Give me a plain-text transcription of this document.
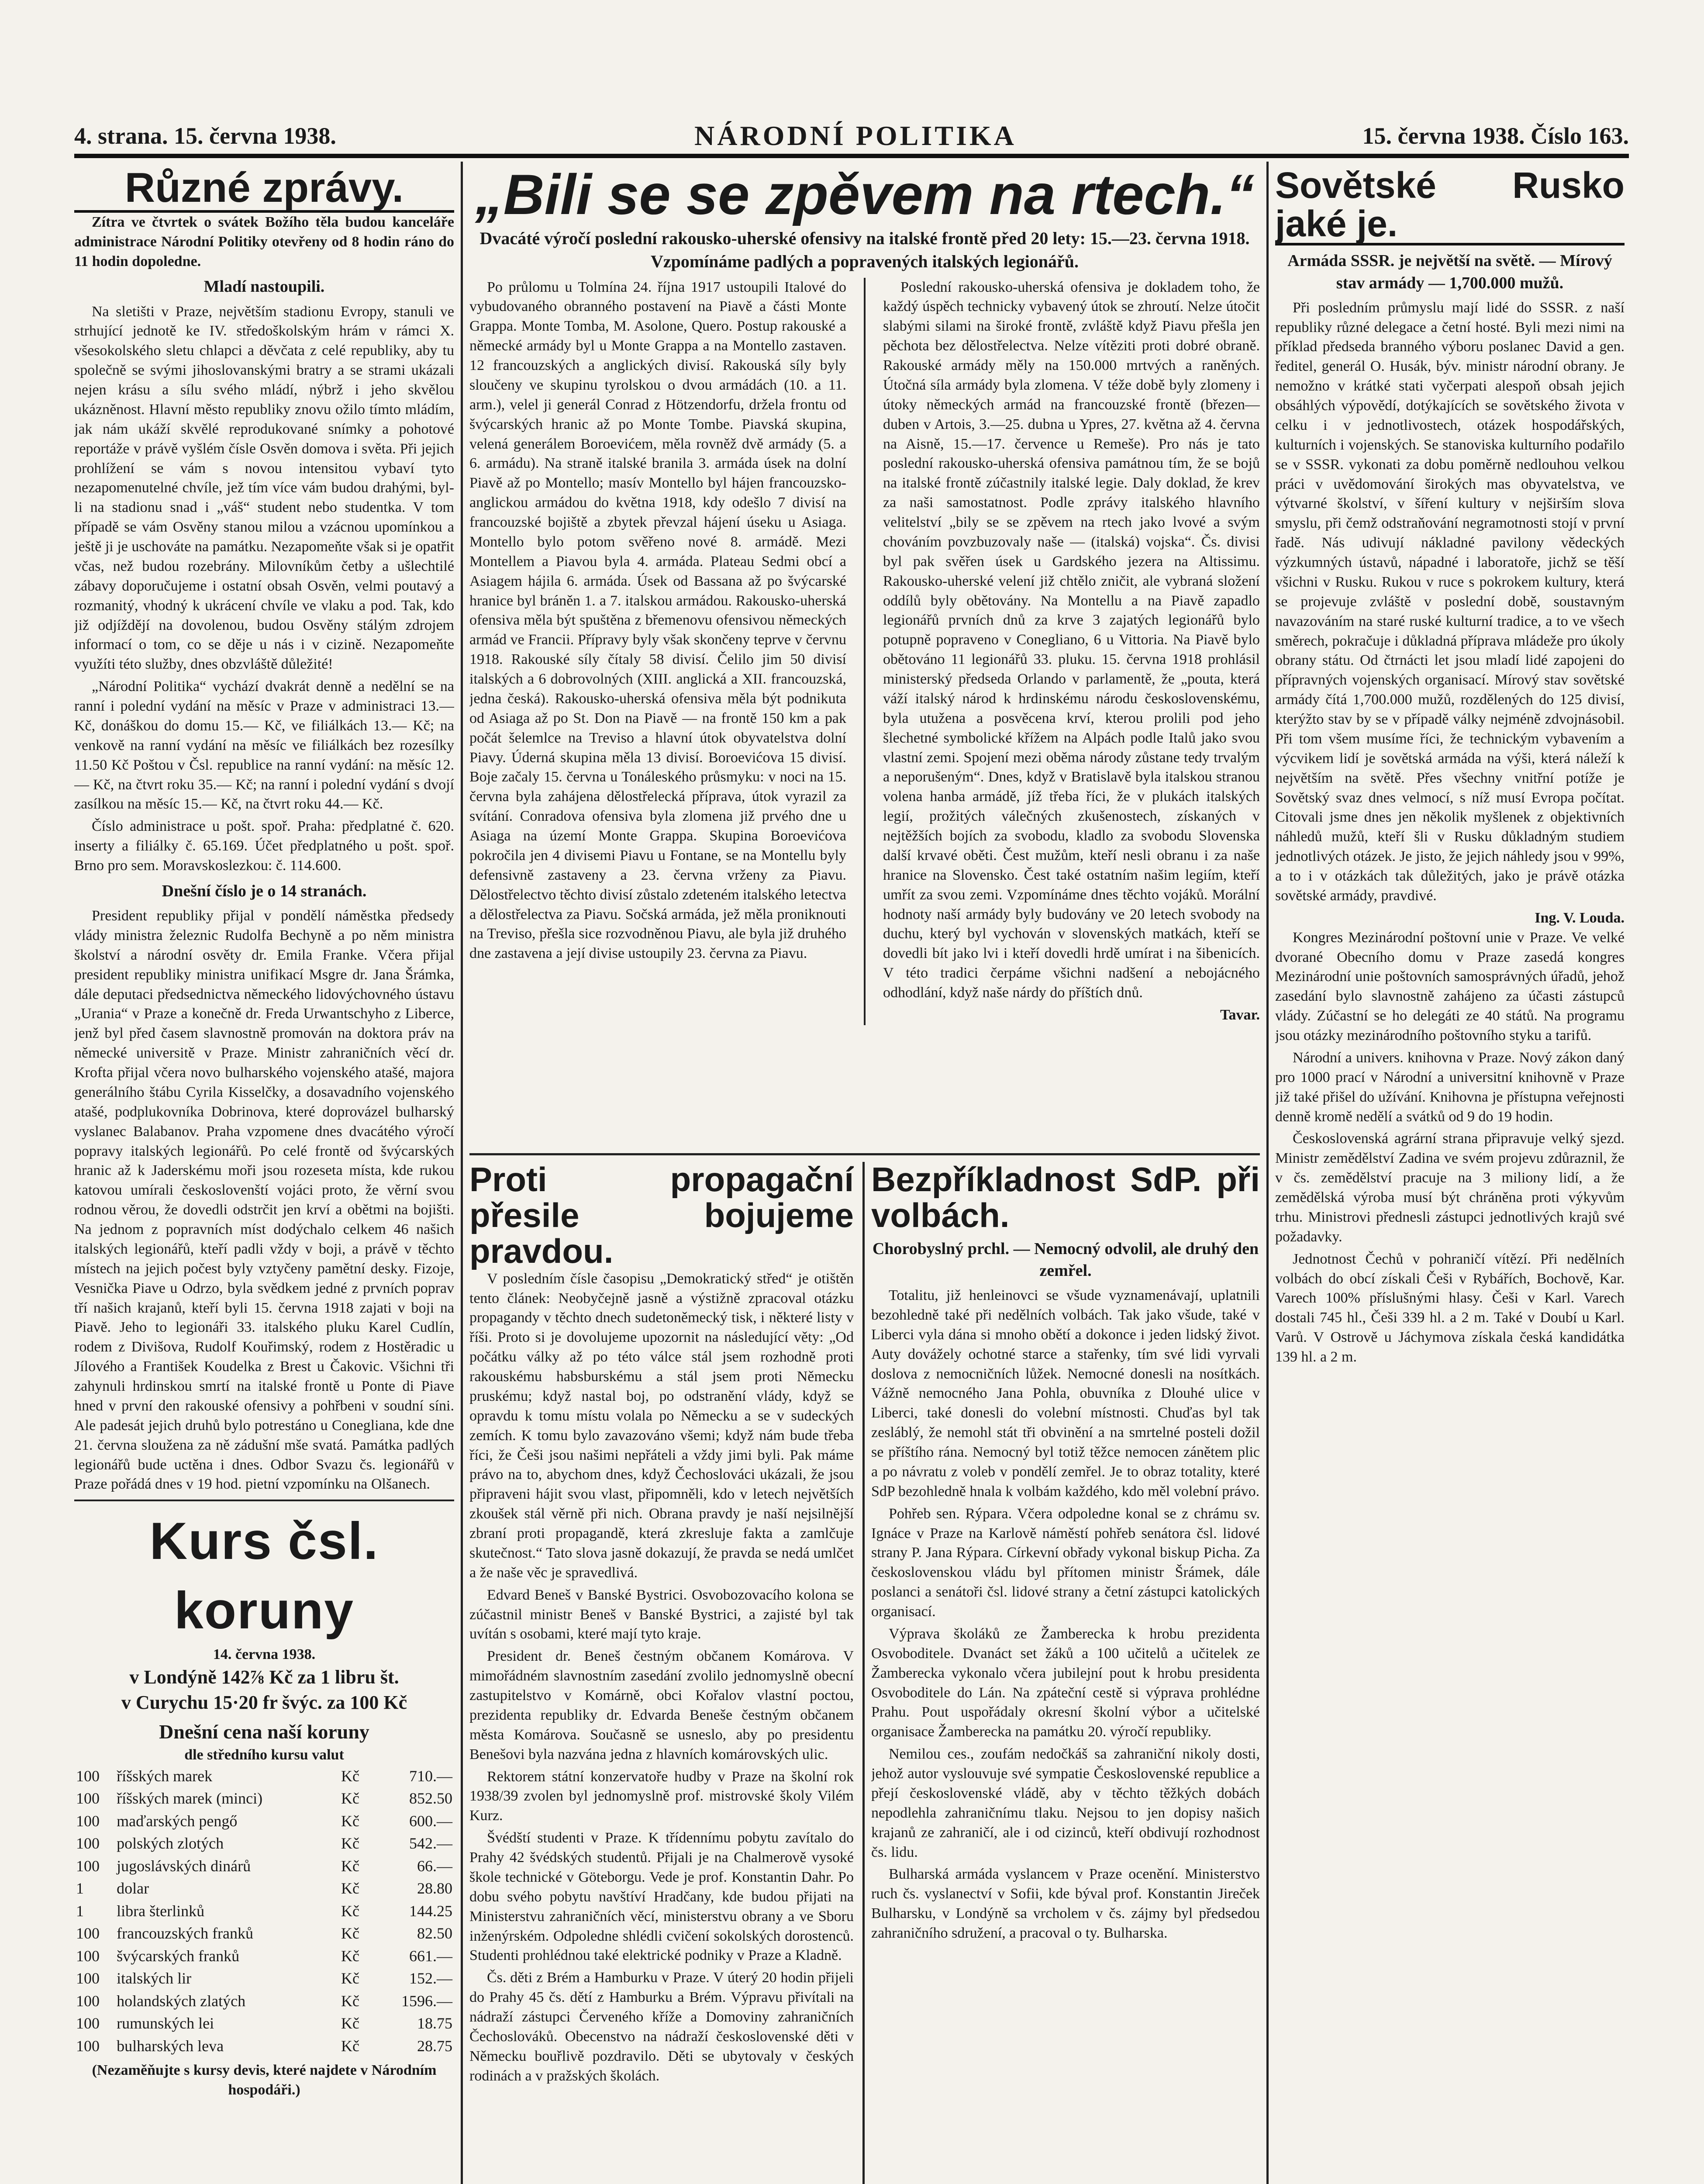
4. strana. 15. června 1938.	NÁRODNÍ POLITIKA	15. června 1938. Číslo 163.
Různé zprávy.

Zítra ve čtvrtek o svátek Božího těla budou kanceláře administrace Národní Politiky otevřeny od 8 hodin ráno do 11 hodin dopoledne.

Mladí nastoupili.

Na sletišti v Praze, největším stadionu Evropy, stanuli ve strhující jednotě ke IV. středoškolským hrám v rámci X. všesokolského sletu chlapci a děvčata z celé republiky, aby tu společně se svými jihoslovanskými bratry a se strami ukázali nejen krásu a sílu svého mládí, nýbrž i jeho skvělou ukázněnost. Hlavní město republiky znovu ožilo tímto mládím, jak nám ukáží skvělé reprodukované snímky a pohotové reportáže v právě vyšlém čísle Osvěn domova i světa. Při jejich prohlížení se vám s novou intensitou vybaví tyto nezapomenutelné chvíle, jež tím více vám budou drahými, byl-li na stadionu snad i „váš“ student nebo studentka. V tom případě se vám Osvěny stanou milou a vzácnou upomínkou a ještě ji je uschováte na památku. Nezapomeňte však si je opatřit včas, než budou rozebrány. Milovníkům četby a ušlechtilé zábavy doporučujeme i ostatní obsah Osvěn, velmi poutavý a rozmanitý, vhodný k ukrácení chvíle ve vlaku a pod. Tak, kdo již odjíždějí na dovolenou, budou Osvěny stálým zdrojem informací o tom, co se děje u nás i v cizině. Nezapomeňte využíti této služby, dnes obzvláště důležité!

„Národní Politika“ vychází dvakrát denně a nedělní se na ranní i polední vydání na měsíc v Praze v administraci 13.— Kč, donáškou do domu 15.— Kč, ve filiálkách 13.— Kč; na venkově na ranní vydání na měsíc ve filiálkách bez rozesílky 11.50 Kč Poštou v Čsl. republice na ranní vydání: na měsíc 12.— Kč, na čtvrt roku 35.— Kč; na ranní i polední vydání s dvojí zasílkou na měsíc 15.— Kč, na čtvrt roku 44.— Kč.

Číslo administrace u pošt. spoř. Praha: předplatné č. 620. inserty a filiálky č. 65.169. Účet předplatného u pošt. spoř. Brno pro sem. Moravskoslezkou: č. 114.600.

Dnešní číslo je o 14 stranách.

President republiky přijal v pondělí náměstka předsedy vlády ministra železnic Rudolfa Bechyně a po něm ministra školství a národní osvěty dr. Emila Franke. Včera přijal president republiky ministra unifikací Msgre dr. Jana Šrámka, dále deputaci předsednictva německého lidovýchovného ústavu „Urania“ v Praze a konečně dr. Freda Urwantschyho z Liberce, jenž byl před časem slavnostně promován na doktora práv na německé universitě v Praze. Ministr zahraničních věcí dr. Krofta přijal včera novo bulharského vojenského atašé, majora generálního štábu Cyrila Kisselčky, a dosavadního vojenského atašé, podplukovníka Dobrinova, které doprovázel bulharský vyslanec Balabanov. Praha vzpomene dnes dvacátého výročí popravy italských legionářů. Po celé frontě od švýcarských hranic až k Jaderskému moři jsou rozeseta místa, kde rukou katovou umírali českoslovenští vojáci proto, že věrní svou rodnou věrou, že dovedli odstrčit jen krví a obětmi na bojišti. Na jednom z popravních míst dodýchalo celkem 46 našich italských legionářů, kteří padli vždy v boji, a právě v těchto místech na jejich počest byly vztyčeny pamětní desky. Fizoje, Vesnička Piave u Odrzo, byla svědkem jedné z prvních poprav tří našich krajanů, kteří byli 15. června 1918 zajati v boji na Piavě. Jeho to legionáři 33. italského pluku Karel Cudlín, rodem z Divišova, Rudolf Kouřimský, rodem z Hostěradic u Jílového a František Koudelka z Brest u Čakovic. Všichni tři zahynuli hrdinskou smrtí na italské frontě u Ponte di Piave hned v první den rakouské ofensivy a pohřbeni v soudní síni. Ale padesát jejich druhů bylo potrestáno u Conegliana, kde dne 21. června sloužena za ně zádušní mše svatá. Památka padlých legionářů bude uctěna i dnes. Odbor Svazu čs. legionářů v Praze pořádá dnes v 19 hod. pietní vzpomínku na Olšanech.

Kurs čsl. koruny
14. června 1938.
v Londýně 142⅞ Kč za 1 libru št.
v Curychu 15·20 fr švýc. za 100 Kč
Dnešní cena naší koruny
dle středního kursu valut
100	říšských marek	Kč	710.—
100	říšských marek (minci)	Kč	852.50
100	maďarských pengő	Kč	600.—
100	polských zlotých	Kč	542.—
100	jugoslávských dinárů	Kč	66.—
1	dolar	Kč	28.80
1	libra šterlinků	Kč	144.25
100	francouzských franků	Kč	82.50
100	švýcarských franků	Kč	661.—
100	italských lir	Kč	152.—
100	holandských zlatých	Kč	1596.—
100	rumunských lei	Kč	18.75
100	bulharských leva	Kč	28.75
(Nezaměňujte s kursy devis, které najdete v Národním hospodáři.)
„Bili se se zpěvem na rtech.“
Dvacáté výročí poslední rakousko-uherské ofensivy na italské frontě před 20 lety: 15.—23. června 1918. Vzpomínáme padlých a popravených italských legionářů.

Po průlomu u Tolmína 24. října 1917 ustoupili Italové do vybudovaného obranného postavení na Piavě a části Monte Grappa. Monte Tomba, M. Asolone, Quero. Postup rakouské a německé armády byl u Monte Grappa a na Montello zastaven. 12 francouzských a anglických divisí. Rakouská síly byly sloučeny ve skupinu tyrolskou o dvou armádách (10. a 11. arm.), velel ji generál Conrad z Hötzendorfu, držela frontu od švýcarských hranic až po Monte Tombe. Piavská skupina, velená generálem Boroevićem, měla rovněž dvě armády (5. a 6. armádu). Na straně italské branila 3. armáda úsek na dolní Piavě až po Montello; masív Montello byl hájen francouzsko-anglickou armádou do května 1918, kdy odešlo 7 divisí na francouzské bojiště a zbytek převzal hájení úseku u Asiaga. Montello bylo potom svěřeno nové 8. armádě. Mezi Montellem a Piavou byla 4. armáda. Plateau Sedmi obcí a Asiagem hájila 6. armáda. Úsek od Bassana až po švýcarské hranice byl bráněn 1. a 7. italskou armádou. Rakousko-uherská ofensiva měla být spuštěna z břemenovu ofensivou německých armád ve Francii. Přípravy byly však skončeny teprve v červnu 1918. Rakouské síly čítaly 58 divisí. Čelilo jim 50 divisí italských a 6 dobrovolných (XIII. anglická a XII. francouzská, jedna česká). Rakousko-uherská ofensiva měla být podnikuta od Asiaga až po St. Don na Piavě — na frontě 150 km a pak počát šelemlce na Treviso a hlavní útok obyvatelstva dolní Piavy. Úderná skupina měla 13 divisí. Boroevićova 15 divisí. Boje začaly 15. června u Tonáleského průsmyku: v noci na 15. června byla zahájena dělostřelecká příprava, útok vyrazil za svítání. Conradova ofensiva byla zlomena již prvého dne u Asiaga na území Monte Grappa. Skupina Boroevićova pokročila jen 4 divisemi Piavu u Fontane, se na Montellu byly defensivně zastaveny a 23. června vrženy za Piavu. Dělostřelectvo těchto divisí zůstalo zdeteném italského letectva a dělostřelectva za Piavu. Sočská armáda, jež měla proniknouti na Treviso, přešla sice rozvodněnou Piavu, ale byla již druhého dne zastavena a její divise ustoupily 23. června za Piavu.

Poslední rakousko-uherská ofensiva je dokladem toho, že každý úspěch technicky vybavený útok se zhroutí. Nelze útočit slabými silami na široké frontě, zvláště když Piavu přešla jen pěchota bez dělostřelectva. Nelze vítěziti proti dobré obraně. Rakouské armády měly na 150.000 mrtvých a raněných. Útočná síla armády byla zlomena. V téže době byly zlomeny i útoky německých armád na francouzské frontě (březen—duben v Artois, 3.—25. dubna u Ypres, 27. května až 4. června na Aisně, 15.—17. července u Remeše). Pro nás je tato poslední rakousko-uherská ofensiva památnou tím, že se bojů na italské frontě zúčastnily italské legie. Daly doklad, že krev za naši samostatnost. Podle zprávy italského hlavního velitelství „bily se se zpěvem na rtech jako lvové a svým chováním povzbuzovaly naše — (italská) vojska“. Čs. divisi byl pak svěřen úsek u Gardského jezera na Altissimu. Rakousko-uherské velení již chtělo zničit, ale vybraná složení oddílů byly obětovány. Na Montellu a na Piavě zapadlo legionářů prvních dnů za krve 3 zajatých legionářů bylo potupně popraveno v Conegliano, 6 u Vittoria. Na Piavě bylo obětováno 11 legionářů 33. pluku. 15. června 1918 prohlásil ministerský předseda Orlando v parlamentě, že „pouta, která váží italský národ k hrdinskému národu československému, byla utužena a posvěcena krví, kterou prolili pod jeho šlechetné symbolické křížem na Alpách podle Italů jako svou vlastní zemi. Spojení mezi oběma národy zůstane tedy trvalým a neporušeným“. Dnes, když v Bratislavě byla italskou stranou volena hanba armádě, jíž třeba říci, že v plukách italských legií, prožitých válečných zkušenostech, získaných v nejtěžších bojích za svobodu, kladlo za svobodu Slovenska další krvavé oběti. Čest mužům, kteří nesli obranu i za naše hranice na Slovensko. Čest také ostatním našim legiím, kteří umřít za svou zemi. Vzpomínáme dnes těchto vojáků. Morální hodnoty naší armády byly budovány ve 20 letech svobody na duchu, který byl vychován v slovenských matkách, kteří se dovedli bít jako lvi i kteří dovedli hrdě umírat i na šibenicích. V této tradici čerpáme všichni nadšení a nebojácného odhodlání, když naše nárdy do příštích dnů.

Tavar.
Proti propagační přesile bojujeme pravdou.

V posledním čísle časopisu „Demokratický střed“ je otištěn tento článek: Neobyčejně jasně a výstižně zpracoval otázku propagandy v těchto dnech sudetoněmecký tisk, i některé listy v říši. Proto si je dovolujeme upozornit na následující věty: „Od počátku války až po této válce stál jsem rozhodně proti rakouskému habsburskému a stál jsem proti Německu pruskému; když nastal boj, po odstranění vlády, když se opravdu k tomu místu volala po Německu a se v sudeckých zemích. K tomu bylo zavazováno všemi; když nám bude třeba říci, že Češi jsou našimi nepřáteli a vždy jimi byli. Pak máme právo na to, abychom dnes, když Čechoslováci ukázali, že jsou připraveni hájit svou vlast, připomněli, kdo v letech největších zkoušek stál věrně při nich. Obrana pravdy je naší nejsilnější zbraní proti propagandě, která zkresluje fakta a zamlčuje skutečnost.“ Tato slova jasně dokazují, že pravda se nedá umlčet a že naše věc je spravedlivá.

Edvard Beneš v Banské Bystrici. Osvobozovacího kolona se zúčastnil ministr Beneš v Banské Bystrici, a zajisté byl tak uvítán s osobami, které mají tyto kraje.

President dr. Beneš čestným občanem Komárova. V mimořádném slavnostním zasedání zvolilo jednomyslně obecní zastupitelstvo v Komárně, obci Kořalov vlastní poctou, prezidenta republiky dr. Edvarda Beneše čestným občanem města Komárova. Současně se usneslo, aby po presidentu Benešovi byla nazvána jedna z hlavních komárovských ulic.

Rektorem státní konzervatoře hudby v Praze na školní rok 1938/39 zvolen byl jednomyslně prof. mistrovské školy Vilém Kurz.

Švédští studenti v Praze. K třídennímu pobytu zavítalo do Prahy 42 švédských studentů. Přijali je na Chalmerově vysoké škole technické v Göteborgu. Vede je prof. Konstantin Dahr. Po dobu svého pobytu navštíví Hradčany, kde budou přijati na Ministerstvu zahraničních věcí, ministerstvu obrany a ve Sboru inženýrském. Odpoledne shlédli cvičení sokolských dorostenců. Studenti prohlédnou také elektrické podniky v Praze a Kladně.

Čs. děti z Brém a Hamburku v Praze. V úterý 20 hodin přijeli do Prahy 45 čs. dětí z Hamburku a Brém. Výpravu přivítali na nádraží zástupci Červeného kříže a Domoviny zahraničních Čechoslováků. Obecenstvo na nádraží československé děti v Německu bouřlivě pozdravilo. Děti se ubytovaly v českých rodinách a v pražských školách.

Bezpříkladnost SdP. při volbách.
Chorobyslný prchl. — Nemocný odvolil, ale druhý den zemřel.

Totalitu, již henleinovci se všude vyznamenávají, uplatnili bezohledně také při nedělních volbách. Tak jako všude, také v Liberci vyla dána si mnoho obětí a dokonce i jeden lidský život. Auty dovážely ochotné starce a stařenky, tím své lidi vyrvali doslova z nemocničních lůžek. Nemocné donesli na nosítkách. Vážně nemocného Jana Pohla, obuvníka z Dlouhé ulice v Liberci, také donesli do volební místnosti. Chuďas byl tak zesláblý, že nemohl stát tři obvinění a na smrtelné posteli dožil se příštího rána. Nemocný byl totiž těžce nemocen zánětem plic a po návratu z voleb v pondělí zemřel. Je to obraz totality, které SdP bezohledně hnala k volbám každého, kdo měl volební právo.

Pohřeb sen. Rýpara. Včera odpoledne konal se z chrámu sv. Ignáce v Praze na Karlově náměstí pohřeb senátora čsl. lidové strany P. Jana Rýpara. Církevní obřady vykonal biskup Picha. Za československou vládu byl přítomen ministr Šrámek, dále poslanci a senátoři čsl. lidové strany a četní zástupci katolických organisací.

Výprava školáků ze Žamberecka k hrobu prezidenta Osvoboditele. Dvanáct set žáků a 100 učitelů a učitelek ze Žamberecka vykonalo včera jubilejní pout k hrobu presidenta Osvoboditele do Lán. Na zpáteční cestě si výprava prohlédne Prahu. Pout uspořádaly okresní školní výbor a učitelské organisace Žamberecka na památku 20. výročí republiky.

Nemilou ces., zoufám nedočkáš sa zahraniční nikoly dosti, jehož autor vyslouvuje své sympatie Československé republice a přejí československé vládě, aby v těchto těžkých dobách nepodlehla zahraničnímu tlaku. Nejsou to jen dopisy našich krajanů ze zahraničí, ale i od cizinců, kteří obdivují rozhodnost čs. lidu.

Bulharská armáda vyslancem v Praze ocenění. Ministerstvo ruch čs. vyslanectví v Sofii, kde býval prof. Konstantin Jireček Bulharsku, v Londýně sa vrcholem v čs. zájmy byl předsedou zahraničního sdružení, a pracoval o ty. Bulharska.

Sovětské Rusko jaké je.
Armáda SSSR. je největší na světě. — Mírový stav armády — 1,700.000 mužů.

Při posledním průmyslu mají lidé do SSSR. z naší republiky různé delegace a četní hosté. Byli mezi nimi na příklad předseda branného výboru poslanec David a gen. ředitel, generál O. Husák, býv. ministr národní obrany. Je nemožno v krátké stati vyčerpati alespoň obsah jejich obsáhlých výpovědí, dotýkajících se sovětského života v celku i v jednotlivostech, otázek hospodářských, kulturních i vojenských. Se stanoviska kulturního podařilo se v SSSR. vykonati za dobu poměrně nedlouhou velkou práci v uvědomování širokých mas obyvatelstva, ve výtvarné školství, v šíření kultury v nejširším slova smyslu, při čemž odstraňování negramotnosti stojí v první řadě. Nás udivují nákladné pavilony vědeckých výzkumných ústavů, nápadné i laboratoře, jichž se těší všichni v Rusku. Rukou v ruce s pokrokem kultury, která se projevuje zvláště v poslední době, soustavným navazováním na staré ruské kulturní tradice, a to ve všech směrech, pokračuje i důkladná příprava mládeže pro úkoly obrany státu. Od čtrnácti let jsou mladí lidé zapojeni do přípravných vojenských organisací. Mírový stav sovětské armády čítá 1,700.000 mužů, rozdělených do 125 divisí, kterýžto stav by se v případě války nejméně zdvojnásobil. Při tom všem musíme říci, že technickým vybavením a výcvikem lidí je sovětská armáda na výši, která náleží k největším na světě. Přes všechny vnitřní potíže je Sovětský svaz dnes velmocí, s níž musí Evropa počítat. Citovali jsme dnes jen několik myšlenek z objektivních náhledů mužů, kteří šli v Rusku důkladným studiem jednotlivých otázek. Je jisto, že jejich náhledy jsou v 99%, a to i v otázkách tak důležitých, jako je právě otázka sovětské armády, pravdivé.

Ing. V. Louda.

Kongres Mezinárodní poštovní unie v Praze. Ve velké dvorané Obecního domu v Praze zasedá kongres Mezinárodní unie poštovních samosprávných úřadů, jehož zasedání bylo slavnostně zahájeno za účasti zástupců vlády. Zúčastní se ho delegáti ze 40 států. Na programu jsou otázky mezinárodního poštovního styku a tarifů.

Národní a univers. knihovna v Praze. Nový zákon daný pro 1000 prací v Národní a universitní knihovně v Praze již také přišel do užívání. Knihovna je přístupna veřejnosti denně kromě nedělí a svátků od 9 do 19 hodin.

Československá agrární strana připravuje velký sjezd. Ministr zemědělství Zadina ve svém projevu zdůraznil, že v čs. zemědělství pracuje na 3 miliony lidí, a že zemědělská výroba musí být chráněna proti výkyvům trhu. Ministrovi přednesli zástupci jednotlivých krajů své požadavky.

Jednotnost Čechů v pohraničí vítězí. Při nedělních volbách do obcí získali Češi v Rybářích, Bochově, Kar. Varech 100% příslušnými hlasy. Češi v Karl. Varech dostali 745 hl., Češi 339 hl. a 2 m. Také v Doubí u Karl. Varů. V Ostrově u Jáchymova získala česká kandidátka 139 hl. a 2 m.
